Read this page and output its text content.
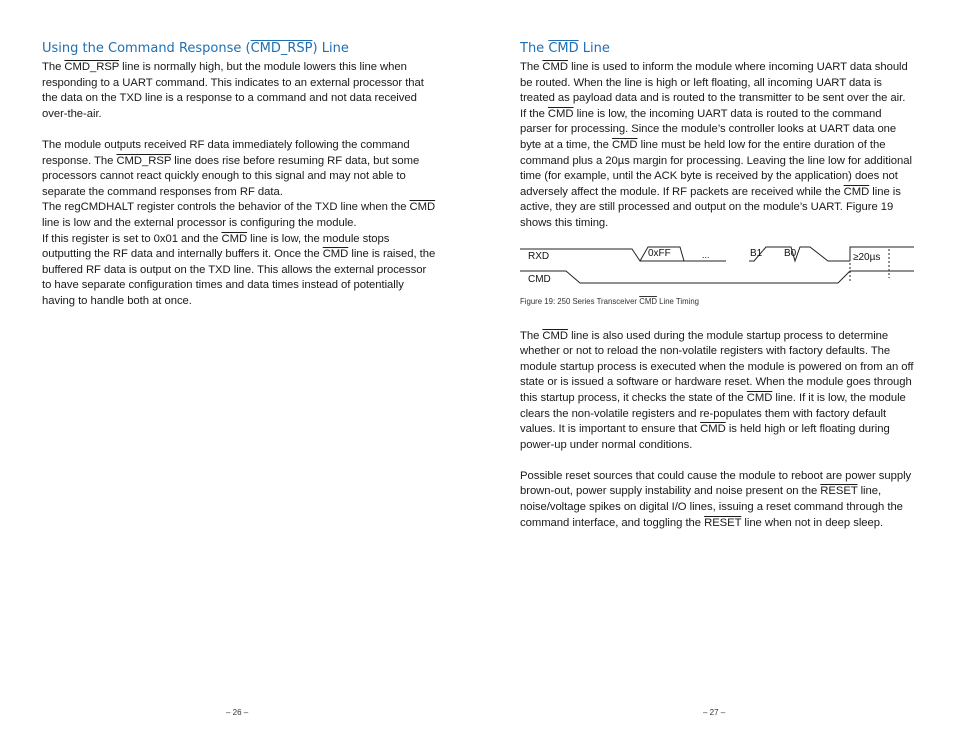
Using the Command Response (CMD_RSP) Line

The CMD_RSP line is normally high, but the module lowers this line when responding to a UART command. This indicates to an external processor that the data on the TXD line is a response to a command and not data received over-the-air.

The module outputs received RF data immediately following the command response. The CMD_RSP line does rise before resuming RF data, but some processors cannot react quickly enough to this signal and may not able to separate the command responses from RF data.

The regCMDHALT register controls the behavior of the TXD line when the $\overline{CMD}$ line is low and the external processor is configuring the module.

If this register is set to 0x01 and the $\overline{CMD}$ line is low, the module stops outputting the RF data and internally buffers it. Once the $\overline{CMD}$ line is raised, the buffered RF data is output on the TXD line. This allows the external processor to have separate configuration times and data times instead of potentially having to handle both at once.

The $\overline{CMD}$ Line

The $\overline{CMD}$ line is used to inform the module where incoming UART data should be routed. When the line is high or left floating, all incoming UART data is treated as payload data and is routed to the transmitter to be sent over the air. If the $\overline{CMD}$ line is low, the incoming UART data is routed to the command parser for processing. Since the module’s controller looks at UART data one byte at a time, the $\overline{CMD}$ line must be held low for the entire duration of the command plus a 20µs margin for processing. Leaving the line low for additional time (for example, until the ACK byte is received by the application) does not adversely affect the module. If RF packets are received while the $\overline{CMD}$ line is active, they are still processed and output on the module’s UART. Figure 19 shows this timing.

RXD
CMD
0xFF	...	B1 B0	≥20µs

Figure 19: 250 Series Transceiver $\overline{CMD}$ Line Timing

The $\overline{CMD}$ line is also used during the module startup process to determine whether or not to reload the non-volatile registers with factory defaults. The module startup process is executed when the module is powered on from an off state or is issued a software or hardware reset. When the module goes through this startup process, it checks the state of the $\overline{CMD}$ line. If it is low, the module clears the non-volatile registers and re-populates them with factory default values. It is important to ensure that $\overline{CMD}$ is held high or left floating during power-up under normal conditions.

Possible reset sources that could cause the module to reboot are power supply brown-out, power supply instability and noise present on the RESET line, noise/voltage spikes on digital I/O lines, issuing a reset command through the command interface, and toggling the RESET line when not in deep sleep.

– 26 –	– 27 –
